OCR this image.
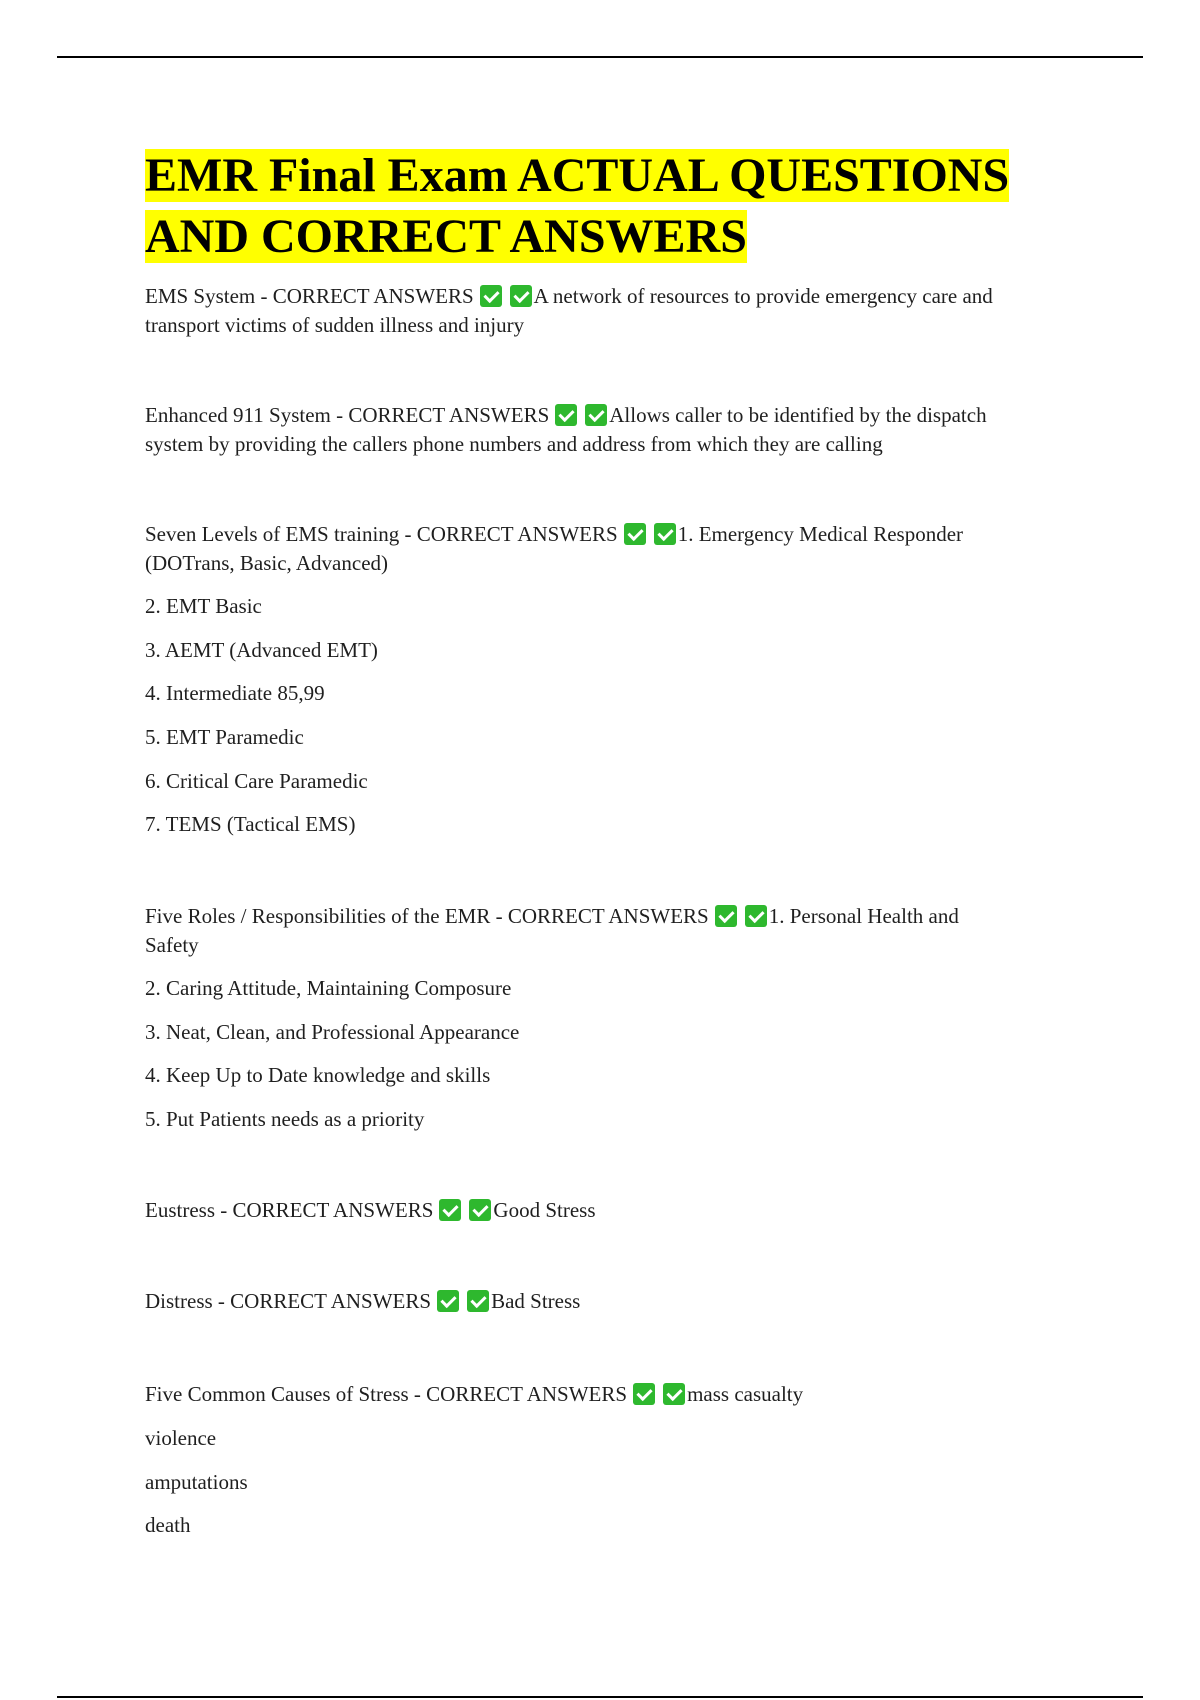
EMR Final Exam ACTUAL QUESTIONS
AND CORRECT ANSWERS

EMS System - CORRECT ANSWERS	A network of resources to provide emergency care and
transport victims of sudden illness and injury

Enhanced 911 System - CORRECT ANSWERS	Allows caller to be identified by the dispatch
system by providing the callers phone numbers and address from which they are calling

Seven Levels of EMS training - CORRECT ANSWERS	1. Emergency Medical Responder
(DOTrans, Basic, Advanced)

2. EMT Basic
3. AEMT (Advanced EMT)
4. Intermediate 85,99
5. EMT Paramedic
6. Critical Care Paramedic
7. TEMS (Tactical EMS)

Five Roles / Responsibilities of the EMR - CORRECT ANSWERS	1. Personal Health and
Safety

2. Caring Attitude, Maintaining Composure
3. Neat, Clean, and Professional Appearance
4. Keep Up to Date knowledge and skills
5. Put Patients needs as a priority

Eustress - CORRECT ANSWERS	Good Stress

Distress - CORRECT ANSWERS	Bad Stress

Five Common Causes of Stress - CORRECT ANSWERS	mass casualty

violence
amputations
death
